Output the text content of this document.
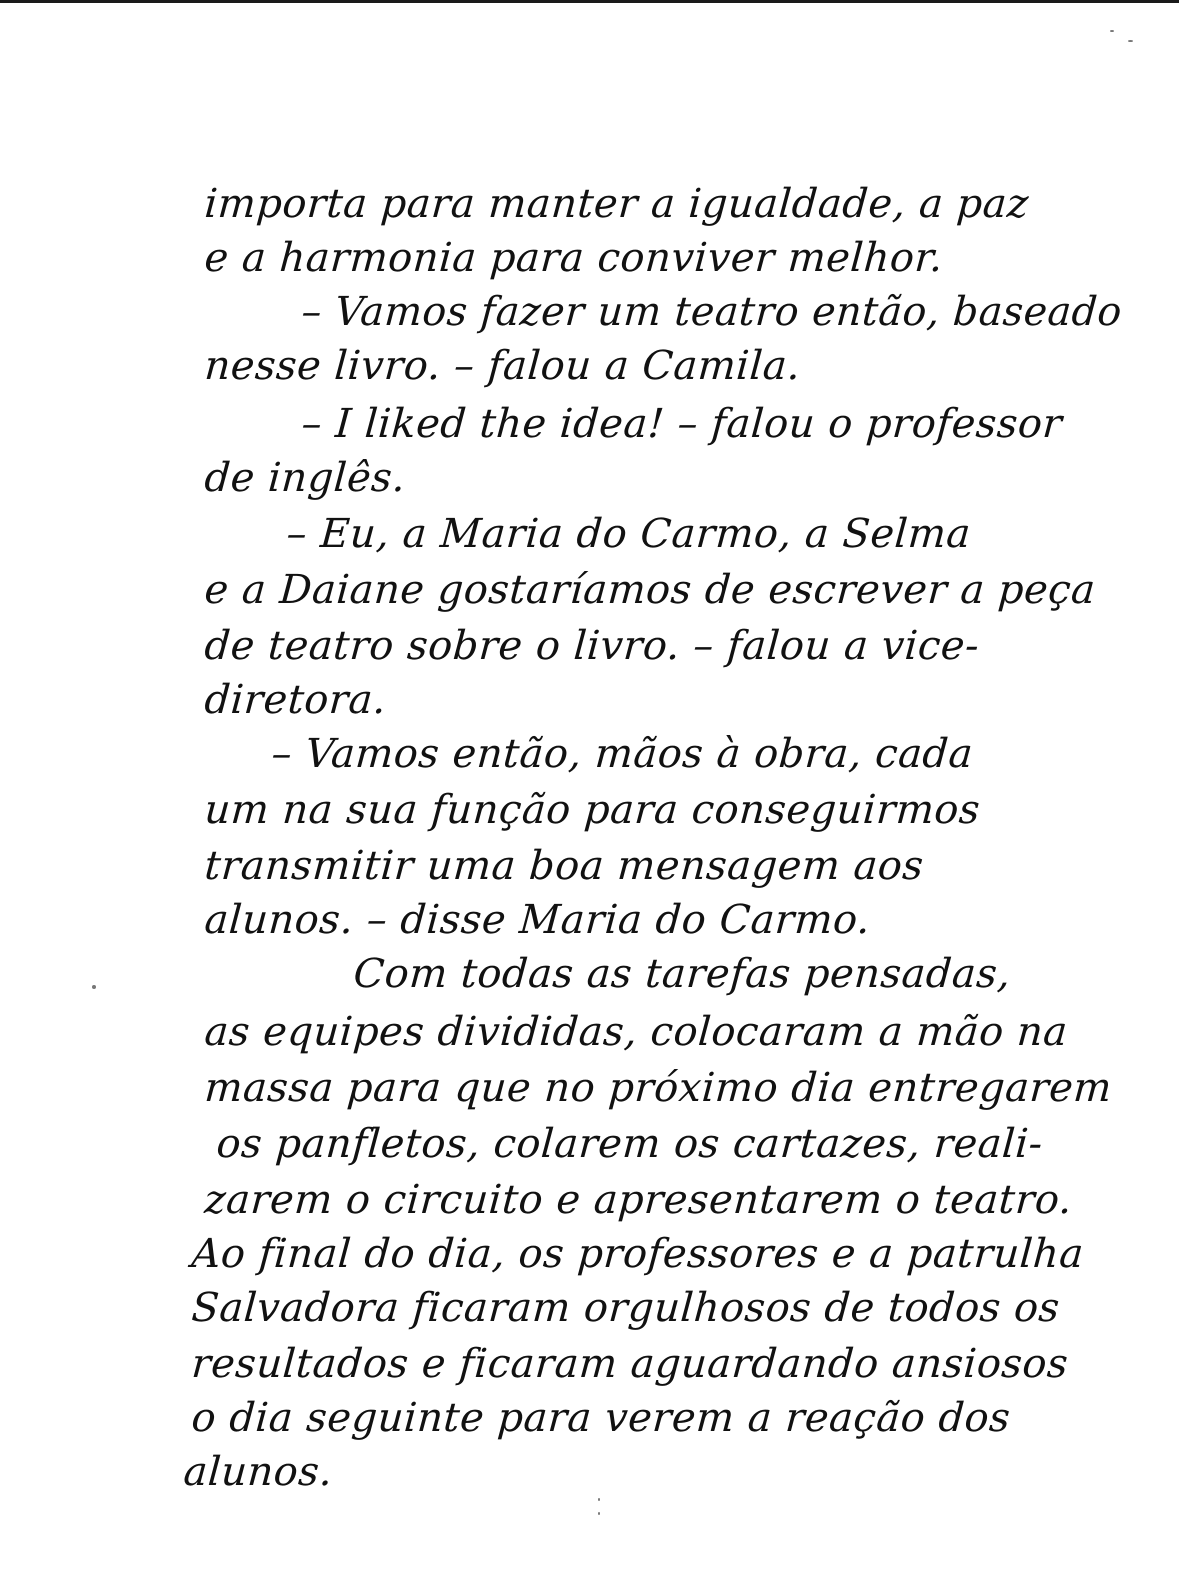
importa para manter a igualdade, a paz
e a harmonia para conviver melhor.
– Vamos fazer um teatro então, baseado
nesse livro. – falou a Camila.
– I liked the idea! – falou o professor
de inglês.
– Eu, a Maria do Carmo, a Selma
e a Daiane gostaríamos de escrever a peça
de teatro sobre o livro. – falou a vice-
diretora.
– Vamos então, mãos à obra, cada
um na sua função para conseguirmos
transmitir uma boa mensagem aos
alunos. – disse Maria do Carmo.
Com todas as tarefas pensadas,
as equipes divididas, colocaram a mão na
massa para que no próximo dia entregarem
os panfletos, colarem os cartazes, reali-
zarem o circuito e apresentarem o teatro.
Ao final do dia, os professores e a patrulha
Salvadora ficaram orgulhosos de todos os
resultados e ficaram aguardando ansiosos
o dia seguinte para verem a reação dos
alunos.
